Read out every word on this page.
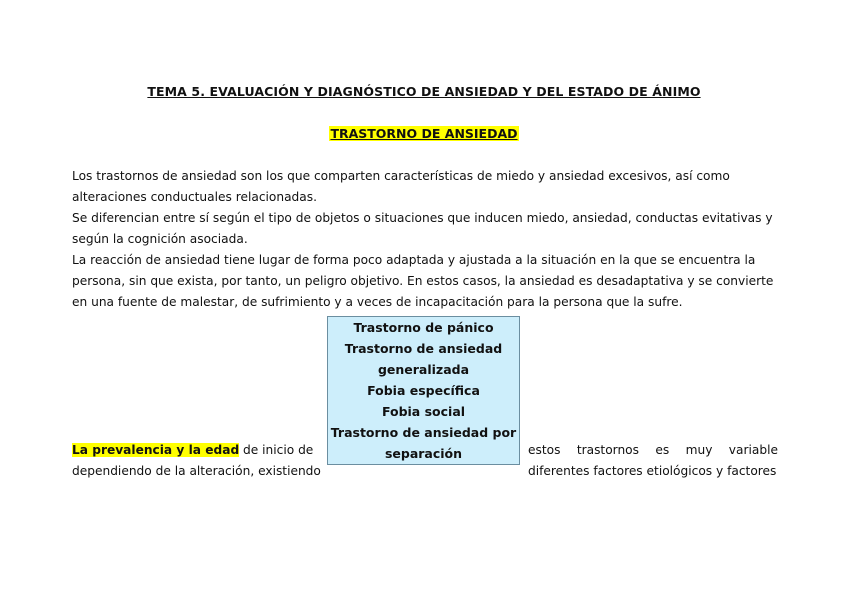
TEMA 5. EVALUACIÓN Y DIAGNÓSTICO DE ANSIEDAD Y DEL ESTADO DE ÁNIMO
TRASTORNO DE ANSIEDAD
Los trastornos de ansiedad son los que comparten características de miedo y ansiedad excesivos, así como
alteraciones conductuales relacionadas.
Se diferencian entre sí según el tipo de objetos o situaciones que inducen miedo, ansiedad, conductas evitativas y
según la cognición asociada.
La reacción de ansiedad tiene lugar de forma poco adaptada y ajustada a la situación en la que se encuentra la
persona, sin que exista, por tanto, un peligro objetivo. En estos casos, la ansiedad es desadaptativa y se convierte
en una fuente de malestar, de sufrimiento y a veces de incapacitación para la persona que la sufre.
Trastorno de pánico
Trastorno de ansiedad
generalizada
Fobia específica
Fobia social
Trastorno de ansiedad por
separación
La prevalencia y la edad de inicio de
dependiendo de la alteración, existiendo
estos trastornos es muy variable
diferentes factores etiológicos y factores
